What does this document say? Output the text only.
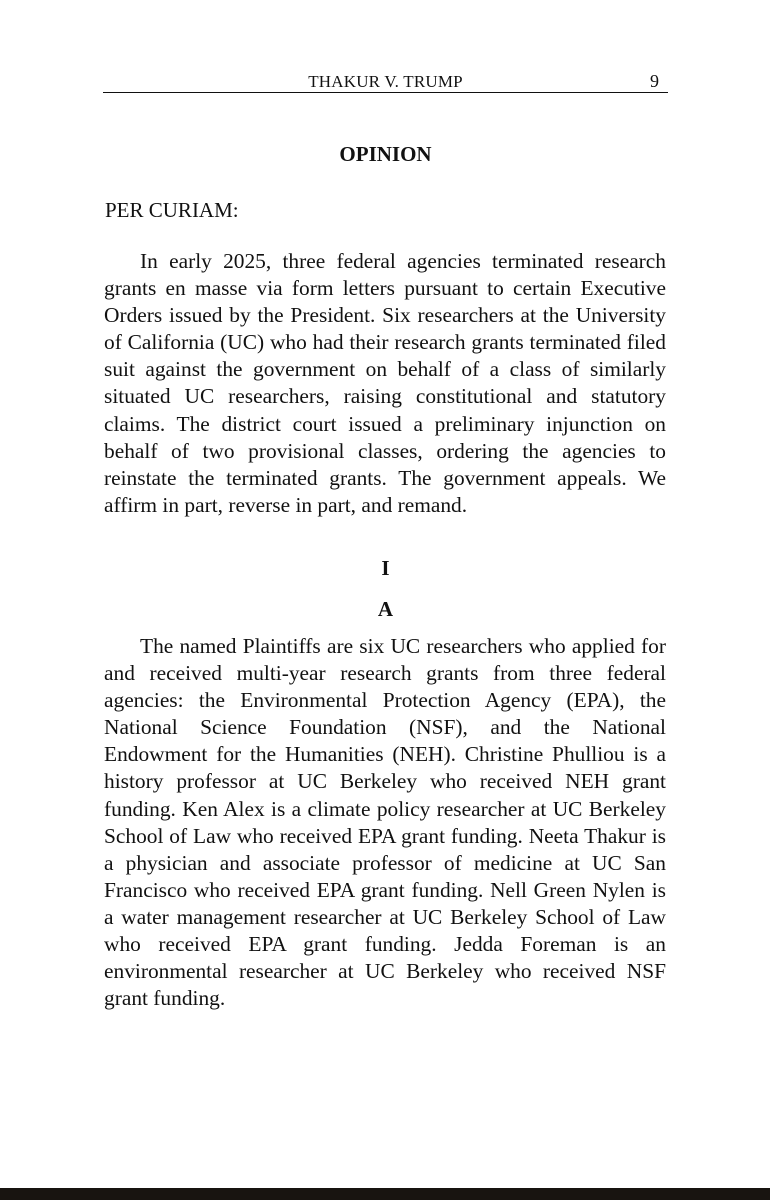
THAKUR V. TRUMP	9
OPINION
PER CURIAM:

In early 2025, three federal agencies terminated research grants en masse via form letters pursuant to certain Executive Orders issued by the President. Six researchers at the University of California (UC) who had their research grants terminated filed suit against the government on behalf of a class of similarly situated UC researchers, raising constitutional and statutory claims. The district court issued a preliminary injunction on behalf of two provisional classes, ordering the agencies to reinstate the terminated grants. The government appeals. We affirm in part, reverse in part, and remand.

I
A

The named Plaintiffs are six UC researchers who applied for and received multi-year research grants from three federal agencies: the Environmental Protection Agency (EPA), the National Science Foundation (NSF), and the National Endowment for the Humanities (NEH). Christine Phulliou is a history professor at UC Berkeley who received NEH grant funding. Ken Alex is a climate policy researcher at UC Berkeley School of Law who received EPA grant funding. Neeta Thakur is a physician and associate professor of medicine at UC San Francisco who received EPA grant funding. Nell Green Nylen is a water management researcher at UC Berkeley School of Law who received EPA grant funding. Jedda Foreman is an environmental researcher at UC Berkeley who received NSF grant funding.
